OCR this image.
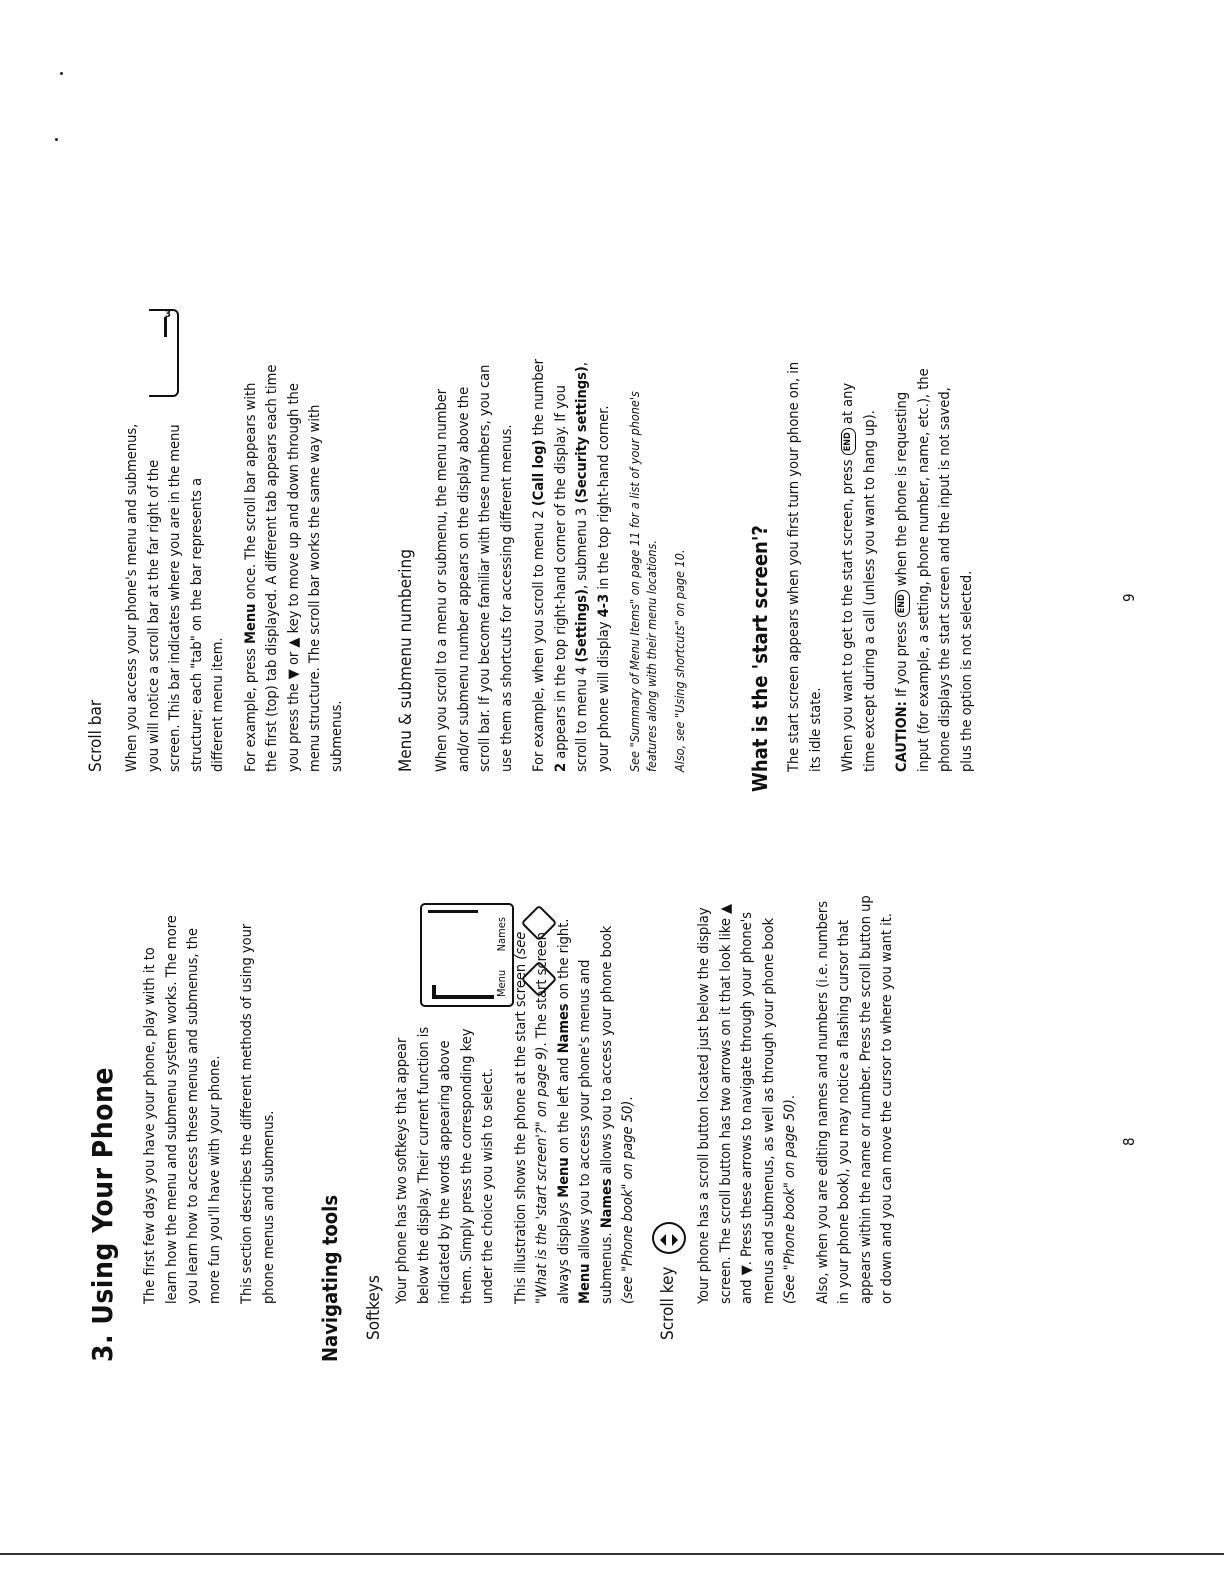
3. Using Your Phone The first few days you have your phone, play with it to learn how the menu and submenu system works. The more you learn how to access these menus and submenus, the more fun you'll have with your phone. This section describes the different methods of using your phone menus and submenus. Navigating tools Softkeys

Your phone has two softkeys that appear below the display. Their current function is indicated by the words appearing above them. Simply press the corresponding key under the choice you wish to select. This illustration shows the phone at the start screen (see "What is the 'start screen'?" on page 9). The start screen always displays Menu on the left and Names on the right. Menu allows you to access your phone's menus and submenus. Names allows you to access your phone book (see "Phone book" on page 50).

Menu
Names
Scroll key Your phone has a scroll button located just below the display screen. The scroll button has two arrows on it that look like ▲ and ▼. Press these arrows to navigate through your phone's menus and submenus, as well as through your phone book (See "Phone book" on page 50). Also, when you are editing names and numbers (i.e. numbers in your phone book), you may notice a flashing cursor that appears within the name or number. Press the scroll button up or down and you can move the cursor to where you want it.	8
Scroll bar
3

When you access your phone's menu and submenus, you will notice a scroll bar at the far right of the screen. This bar indicates where you are in the menu structure; each "tab" on the bar represents a different menu item. For example, press Menu once. The scroll bar appears with the first (top) tab displayed. A different tab appears each time you press the ▼ or ▲ key to move up and down through the menu structure. The scroll bar works the same way with submenus.	Menu & submenu numbering When you scroll to a menu or submenu, the menu number and/or submenu number appears on the display above the scroll bar. If you become familiar with these numbers, you can use them as shortcuts for accessing different menus. For example, when you scroll to menu 2 (Call log) the number 2 appears in the top right-hand corner of the display. If you scroll to menu 4 (Settings), submenu 3 (Security settings), your phone will display 4-3 in the top right-hand corner. See "Summary of Menu Items" on page 11 for a list of your phone's features along with their menu locations. Also, see "Using shortcuts" on page 10.	What is the 'start screen'? The start screen appears when you first turn your phone on, in its idle state. When you want to get to the start screen, press END at any time except during a call (unless you want to hang up). CAUTION: If you press END when the phone is requesting input (for example, a setting, phone number, name, etc.), the phone displays the start screen and the input is not saved, plus the option is not selected.	9
